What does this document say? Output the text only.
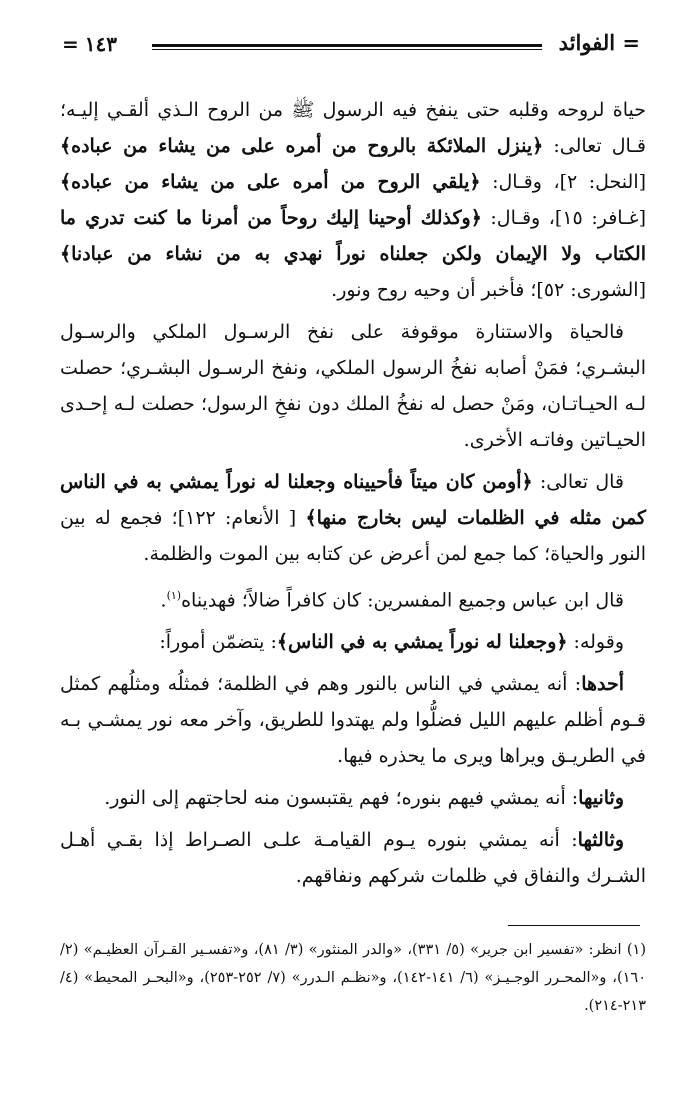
١٤٣=	= الفوائد

حياة لروحه وقلبه حتى ينفخ فيه الرسول ﷺ من الروح الـذي ألقـي إليـه؛ قـال تعالى: ﴿ينزل الملائكة بالروح من أمره على من يشاء من عباده﴾ [النحل: ٢]، وقـال: ﴿يلقي الروح من أمره على من يشاء من عباده﴾ [غـافر: ١٥]، وقـال: ﴿وكذلك أوحينا إليك روحاً من أمرنا ما كنت تدري ما الكتاب ولا الإيمان ولكن جعلناه نوراً نهدي به من نشاء من عبادنا﴾ [الشورى: ٥٢]؛ فأخبر أن وحيه روح ونور.

فالحياة والاستنارة موقوفة على نفخ الرسـول الملكي والرسـول البشـري؛ فمَنْ أصابه نفخُ الرسول الملكي، ونفخ الرسـول البشـري؛ حصلت لـه الحيـاتـان، ومَنْ حصل له نفخُ الملك دون نفخِ الرسول؛ حصلت لـه إحـدى الحيـاتين وفاتـه الأخرى.

قال تعالى: ﴿أومن كان ميتاً فأحييناه وجعلنا له نوراً يمشي به في الناس كمن مثله في الظلمات ليس بخارج منها﴾ [ الأنعام: ١٢٢]؛ فجمع له بين النور والحياة؛ كما جمع لمن أعرض عن كتابه بين الموت والظلمة.

قال ابن عباس وجميع المفسرين: كان كافراً ضالاً؛ فهديناه$^{(١)}$.

وقوله: ﴿وجعلنا له نوراً يمشي به في الناس﴾: يتضمّن أموراً:

أحدها: أنه يمشي في الناس بالنور وهم في الظلمة؛ فمثلُه ومثلُهم كمثل قـوم أظلم عليهم الليل فضلُّوا ولم يهتدوا للطريق، وآخر معه نور يمشـي بـه في الطريـق ويراها ويرى ما يحذره فيها.

وثانيها: أنه يمشي فيهم بنوره؛ فهم يقتبسون منه لحاجتهم إلى النور.

وثالثها: أنه يمشي بنوره يـوم القيامـة علـى الصـراط إذا بقـي أهـل الشـرك والنفاق في ظلمات شركهم ونفاقهم.

(١) انظر: «تفسير ابن جرير» (٥/ ٣٣١)، «والدر المنثور» (٣/ ٨١)، و«تفسـير القـرآن العظيـم» (٢/ ١٦٠)، و«المحـرر الوجـيـز» (٦/ ١٤١-١٤٢)، و«نظـم الـدرر» (٧/ ٢٥٢-٢٥٣)، و«البحـر المحيط» (٤/ ٢١٣-٢١٤).
